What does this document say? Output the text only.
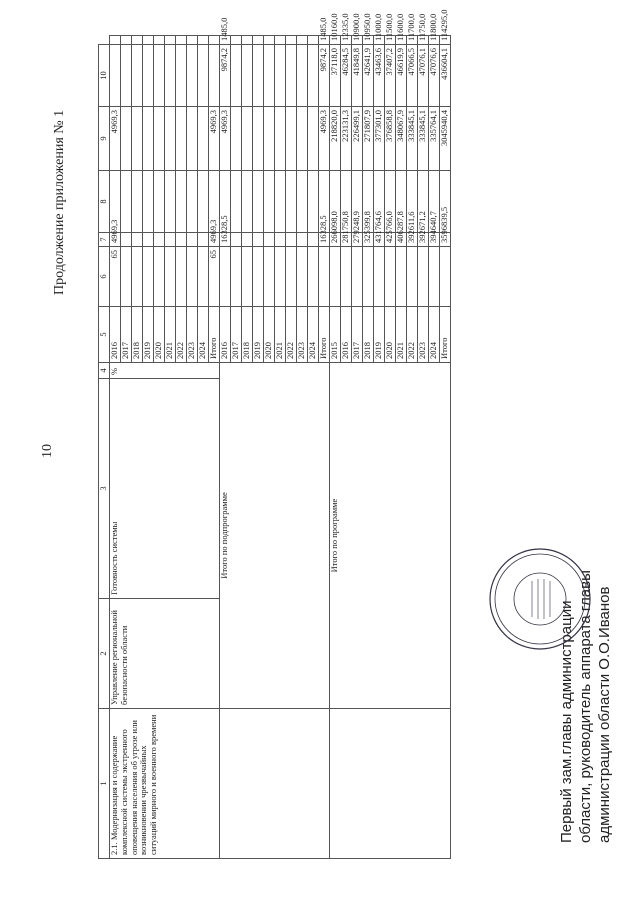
10
Продолжение приложения № 1
1	2	3	4	5	6	7	8	9	10	
2.1. Модернизация и содержание комплексной системы экстренного оповещения населения об угрозе или возникновении чрезвычайных ситуаций мирного и военного времени	Управление региональной безопасности области	Готовность системы	%	2016	65	4969,3		4969,3		
				2017						
				2018						
				2019						
				2020						
				2021						
				2022						
				2023						
				2024						
				Итого	65	4969,3		4969,3		
	Итого по подпрограмме			2016		16328,5		4969,3	9874,2	1485,0
				2017						
				2018						
				2019						
				2020						
				2021						
				2022						
				2023						
				2024						
				Итого		16328,5		4969,3	9874,2	1485,0
	Итого по программе			2015		266098,0		218820,0	37118,0	10160,0
				2016		281750,8		223131,3	46284,5	12335,0
				2017		279248,9		226499,1	41849,8	10900,0
				2018		325399,8		271807,9	42641,9	10950,0
				2019		431764,6		377301,0	43463,6	11000,0
				2020		425766,0		376858,8	37407,2	11500,0
				2021		406287,8		348067,9	46619,9	11600,0
				2022		392611,6		333845,1	47066,5	11700,0
				2023		392671,2		333845,1	47076,1	11750,0
				2024		394640,7		335764,1	47076,6	11800,0
				Итого		3596839,5		3045940,4	436604,1	114295,0
Первый зам.главы администрации области, руководитель аппарата главы администрации области О.О.Иванов
